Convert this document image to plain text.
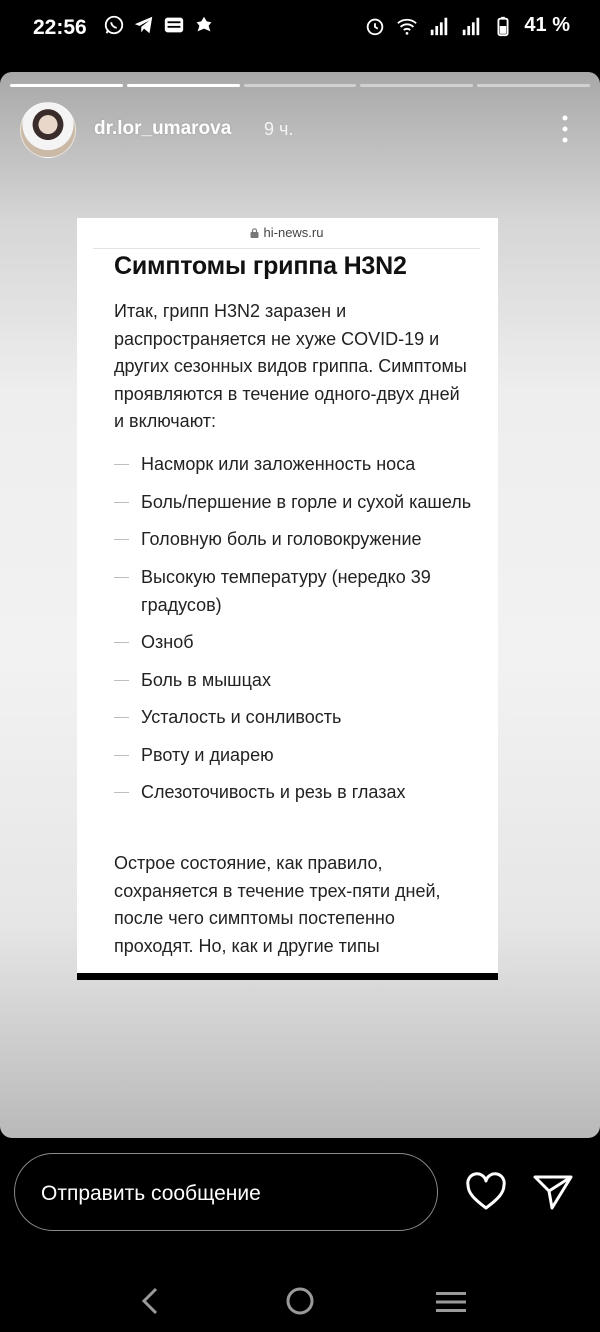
22:56	41 %
dr.lor_umarova 9 ч.
hi-news.ru
Симптомы гриппа H3N2
Итак, грипп H3N2 заразен и распространяется не хуже COVID-19 и других сезонных видов гриппа. Симптомы проявляются в течение одного-двух дней и включают:
Насморк или заложенность носа
Боль/першение в горле и сухой кашель
Головную боль и головокружение
Высокую температуру (нередко 39 градусов)
Озноб
Боль в мышцах
Усталость и сонливость
Рвоту и диарею
Слезоточивость и резь в глазах
Острое состояние, как правило, сохраняется в течение трех-пяти дней, после чего симптомы постепенно проходят. Но, как и другие типы
Отправить сообщение
